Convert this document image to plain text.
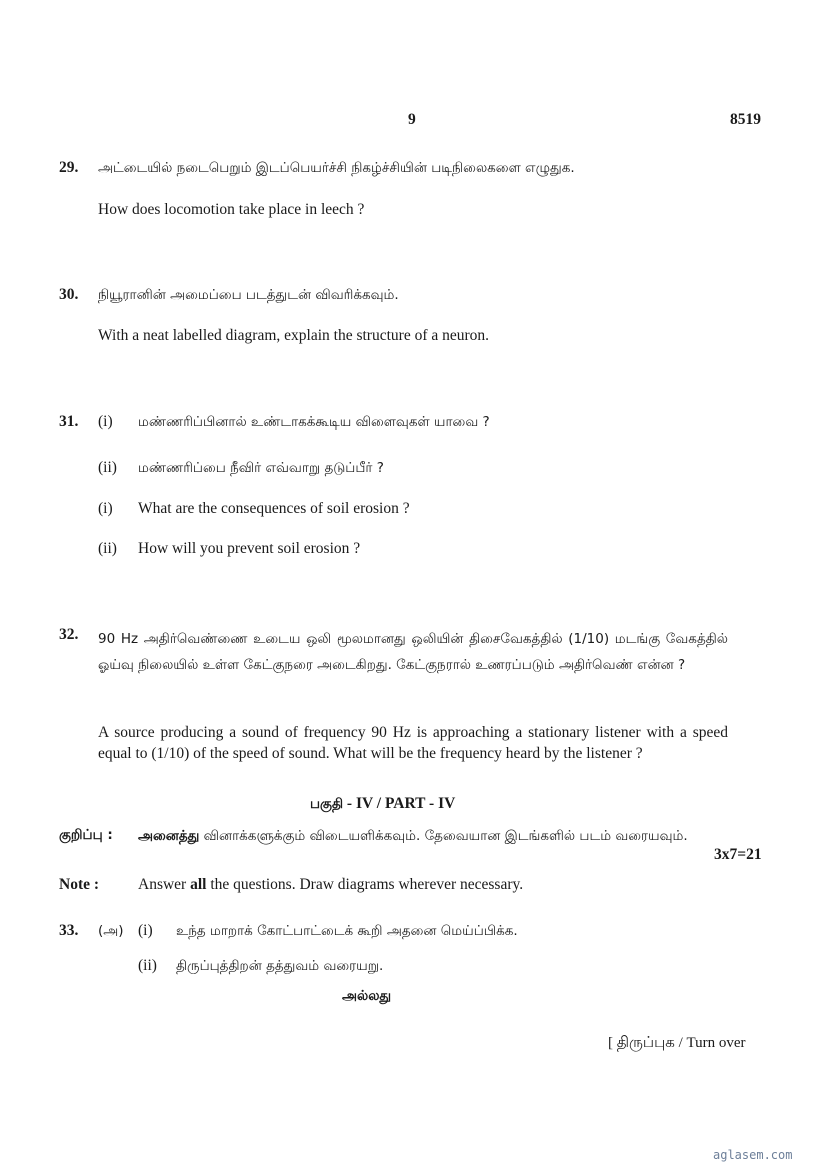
9	8519
29. அட்டையில் நடைபெறும் இடப்பெயர்ச்சி நிகழ்ச்சியின் படிநிலைகளை எழுதுக.
How does locomotion take place in leech ?
30. நியூரானின் அமைப்பை படத்துடன் விவரிக்கவும்.
With a neat labelled diagram, explain the structure of a neuron.
31. (i) மண்ணரிப்பினால் உண்டாகக்கூடிய விளைவுகள் யாவை ?
(ii) மண்ணரிப்பை நீவிர் எவ்வாறு தடுப்பீர் ?
(i) What are the consequences of soil erosion ?
(ii) How will you prevent soil erosion ?
32. 90 Hz அதிர்வெண்ணை உடைய ஒலி மூலமானது ஒலியின் திசைவேகத்தில் (1/10) மடங்கு வேகத்தில் ஓய்வு நிலையில் உள்ள கேட்குநரை அடைகிறது. கேட்குநரால் உணரப்படும் அதிர்வெண் என்ன ?
A source producing a sound of frequency 90 Hz is approaching a stationary listener with a speed equal to (1/10) of the speed of sound. What will be the frequency heard by the listener ?
பகுதி - IV / PART - IV
குறிப்பு : அனைத்து வினாக்களுக்கும் விடையளிக்கவும். தேவையான இடங்களில் படம் வரையவும்.
3x7=21
Note :	Answer all the questions. Draw diagrams wherever necessary.
33. (அ) (i) உந்த மாறாக் கோட்பாட்டைக் கூறி அதனை மெய்ப்பிக்க.
(ii) திருப்புத்திறன் தத்துவம் வரையறு.
அல்லது
[ திருப்புக / Turn over
aglasem.com
